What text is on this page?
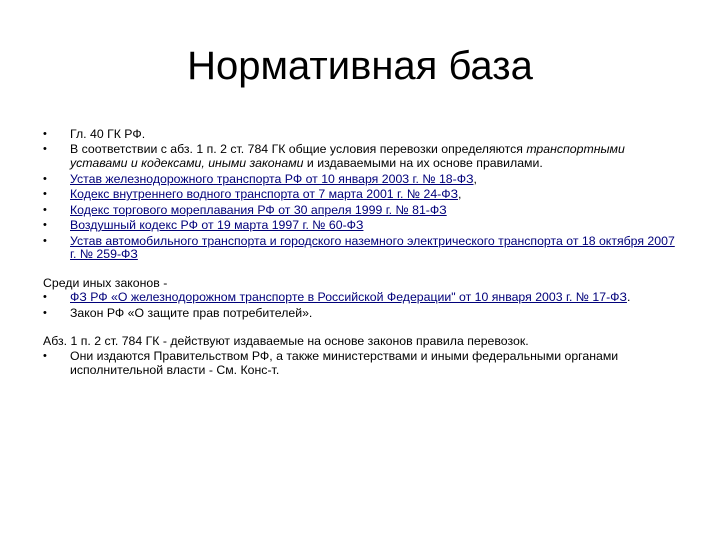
Нормативная база
• Гл. 40 ГК РФ.
• В соответствии с абз. 1 п. 2 ст. 784 ГК общие условия перевозки определяются транспортными уставами и кодексами, иными законами и издаваемыми на их основе правилами.
• Устав железнодорожного транспорта РФ от 10 января 2003 г. № 18-ФЗ,
• Кодекс внутреннего водного транспорта от 7 марта 2001 г. № 24-ФЗ,
• Кодекс торгового мореплавания РФ от 30 апреля 1999 г. № 81-ФЗ
• Воздушный кодекс РФ от 19 марта 1997 г. № 60-ФЗ
• Устав автомобильного транспорта и городского наземного электрического транспорта от 18 октября 2007 г. № 259-ФЗ
Среди иных законов -
• ФЗ РФ «О железнодорожном транспорте в Российской Федерации" от 10 января 2003 г. № 17-ФЗ.
• Закон РФ «О защите прав потребителей».
Абз. 1 п. 2 ст. 784 ГК - действуют издаваемые на основе законов правила перевозок.
• Они издаются Правительством РФ, а также министерствами и иными федеральными органами исполнительной власти - См. Конс-т.
